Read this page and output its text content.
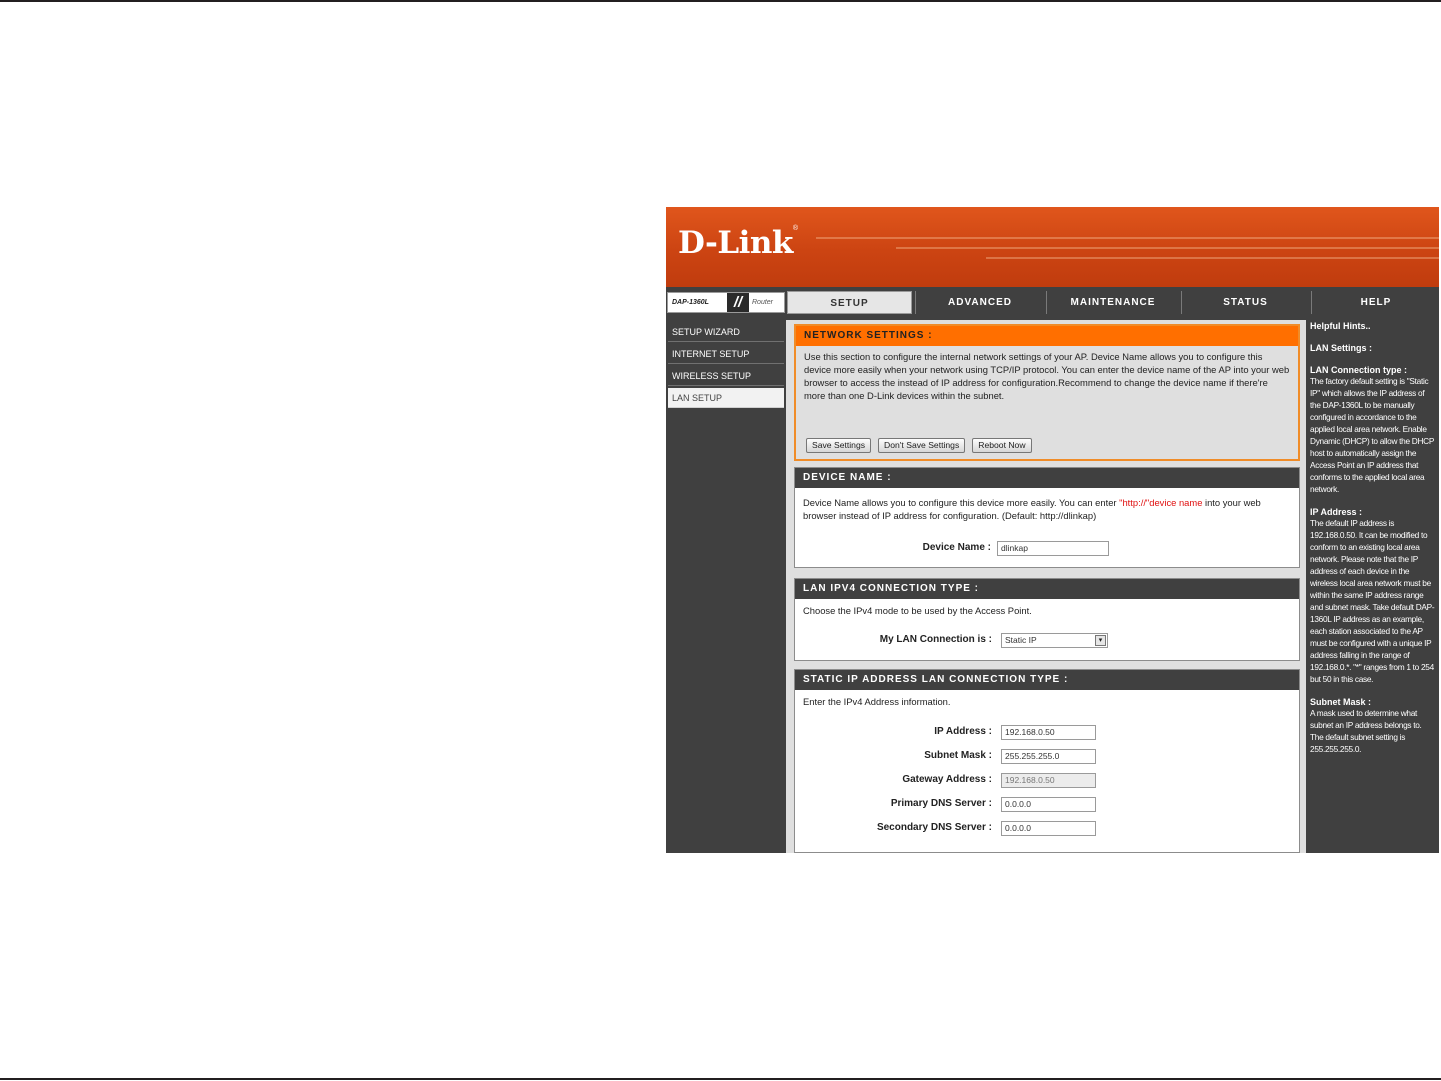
D-Link®
DAP-1360L	//	Router	SETUP	ADVANCED	MAINTENANCE	STATUS	HELP
SETUP WIZARD
INTERNET SETUP
WIRELESS SETUP
LAN SETUP
NETWORK SETTINGS :
Use this section to configure the internal network settings of your AP. Device Name allows you to configure this device more easily when your network using TCP/IP protocol. You can enter the device name of the AP into your web browser to access the instead of IP address for configuration.Recommend to change the device name if there're more than one D-Link devices within the subnet.
Save Settings	Don't Save Settings	Reboot Now
DEVICE NAME :
Device Name allows you to configure this device more easily. You can enter "http://"device name into your web browser instead of IP address for configuration. (Default: http://dlinkap)
Device Name :	dlinkap
LAN IPV4 CONNECTION TYPE :
Choose the IPv4 mode to be used by the Access Point.
My LAN Connection is :	Static IP	▾
STATIC IP ADDRESS LAN CONNECTION TYPE :
Enter the IPv4 Address information.
IP Address :	192.168.0.50
Subnet Mask :	255.255.255.0
Gateway Address :	192.168.0.50
Primary DNS Server :	0.0.0.0
Secondary DNS Server :	0.0.0.0
Helpful Hints..
LAN Settings :
LAN Connection type :
The factory default setting is "Static IP" which allows the IP address of the DAP-1360L to be manually configured in accordance to the applied local area network. Enable Dynamic (DHCP) to allow the DHCP host to automatically assign the Access Point an IP address that conforms to the applied local area network.
IP Address :
The default IP address is 192.168.0.50. It can be modified to conform to an existing local area network. Please note that the IP address of each device in the wireless local area network must be within the same IP address range and subnet mask. Take default DAP-1360L IP address as an example, each station associated to the AP must be configured with a unique IP address falling in the range of 192.168.0.*. "*" ranges from 1 to 254 but 50 in this case.
Subnet Mask :
A mask used to determine what subnet an IP address belongs to. The default subnet setting is 255.255.255.0.
